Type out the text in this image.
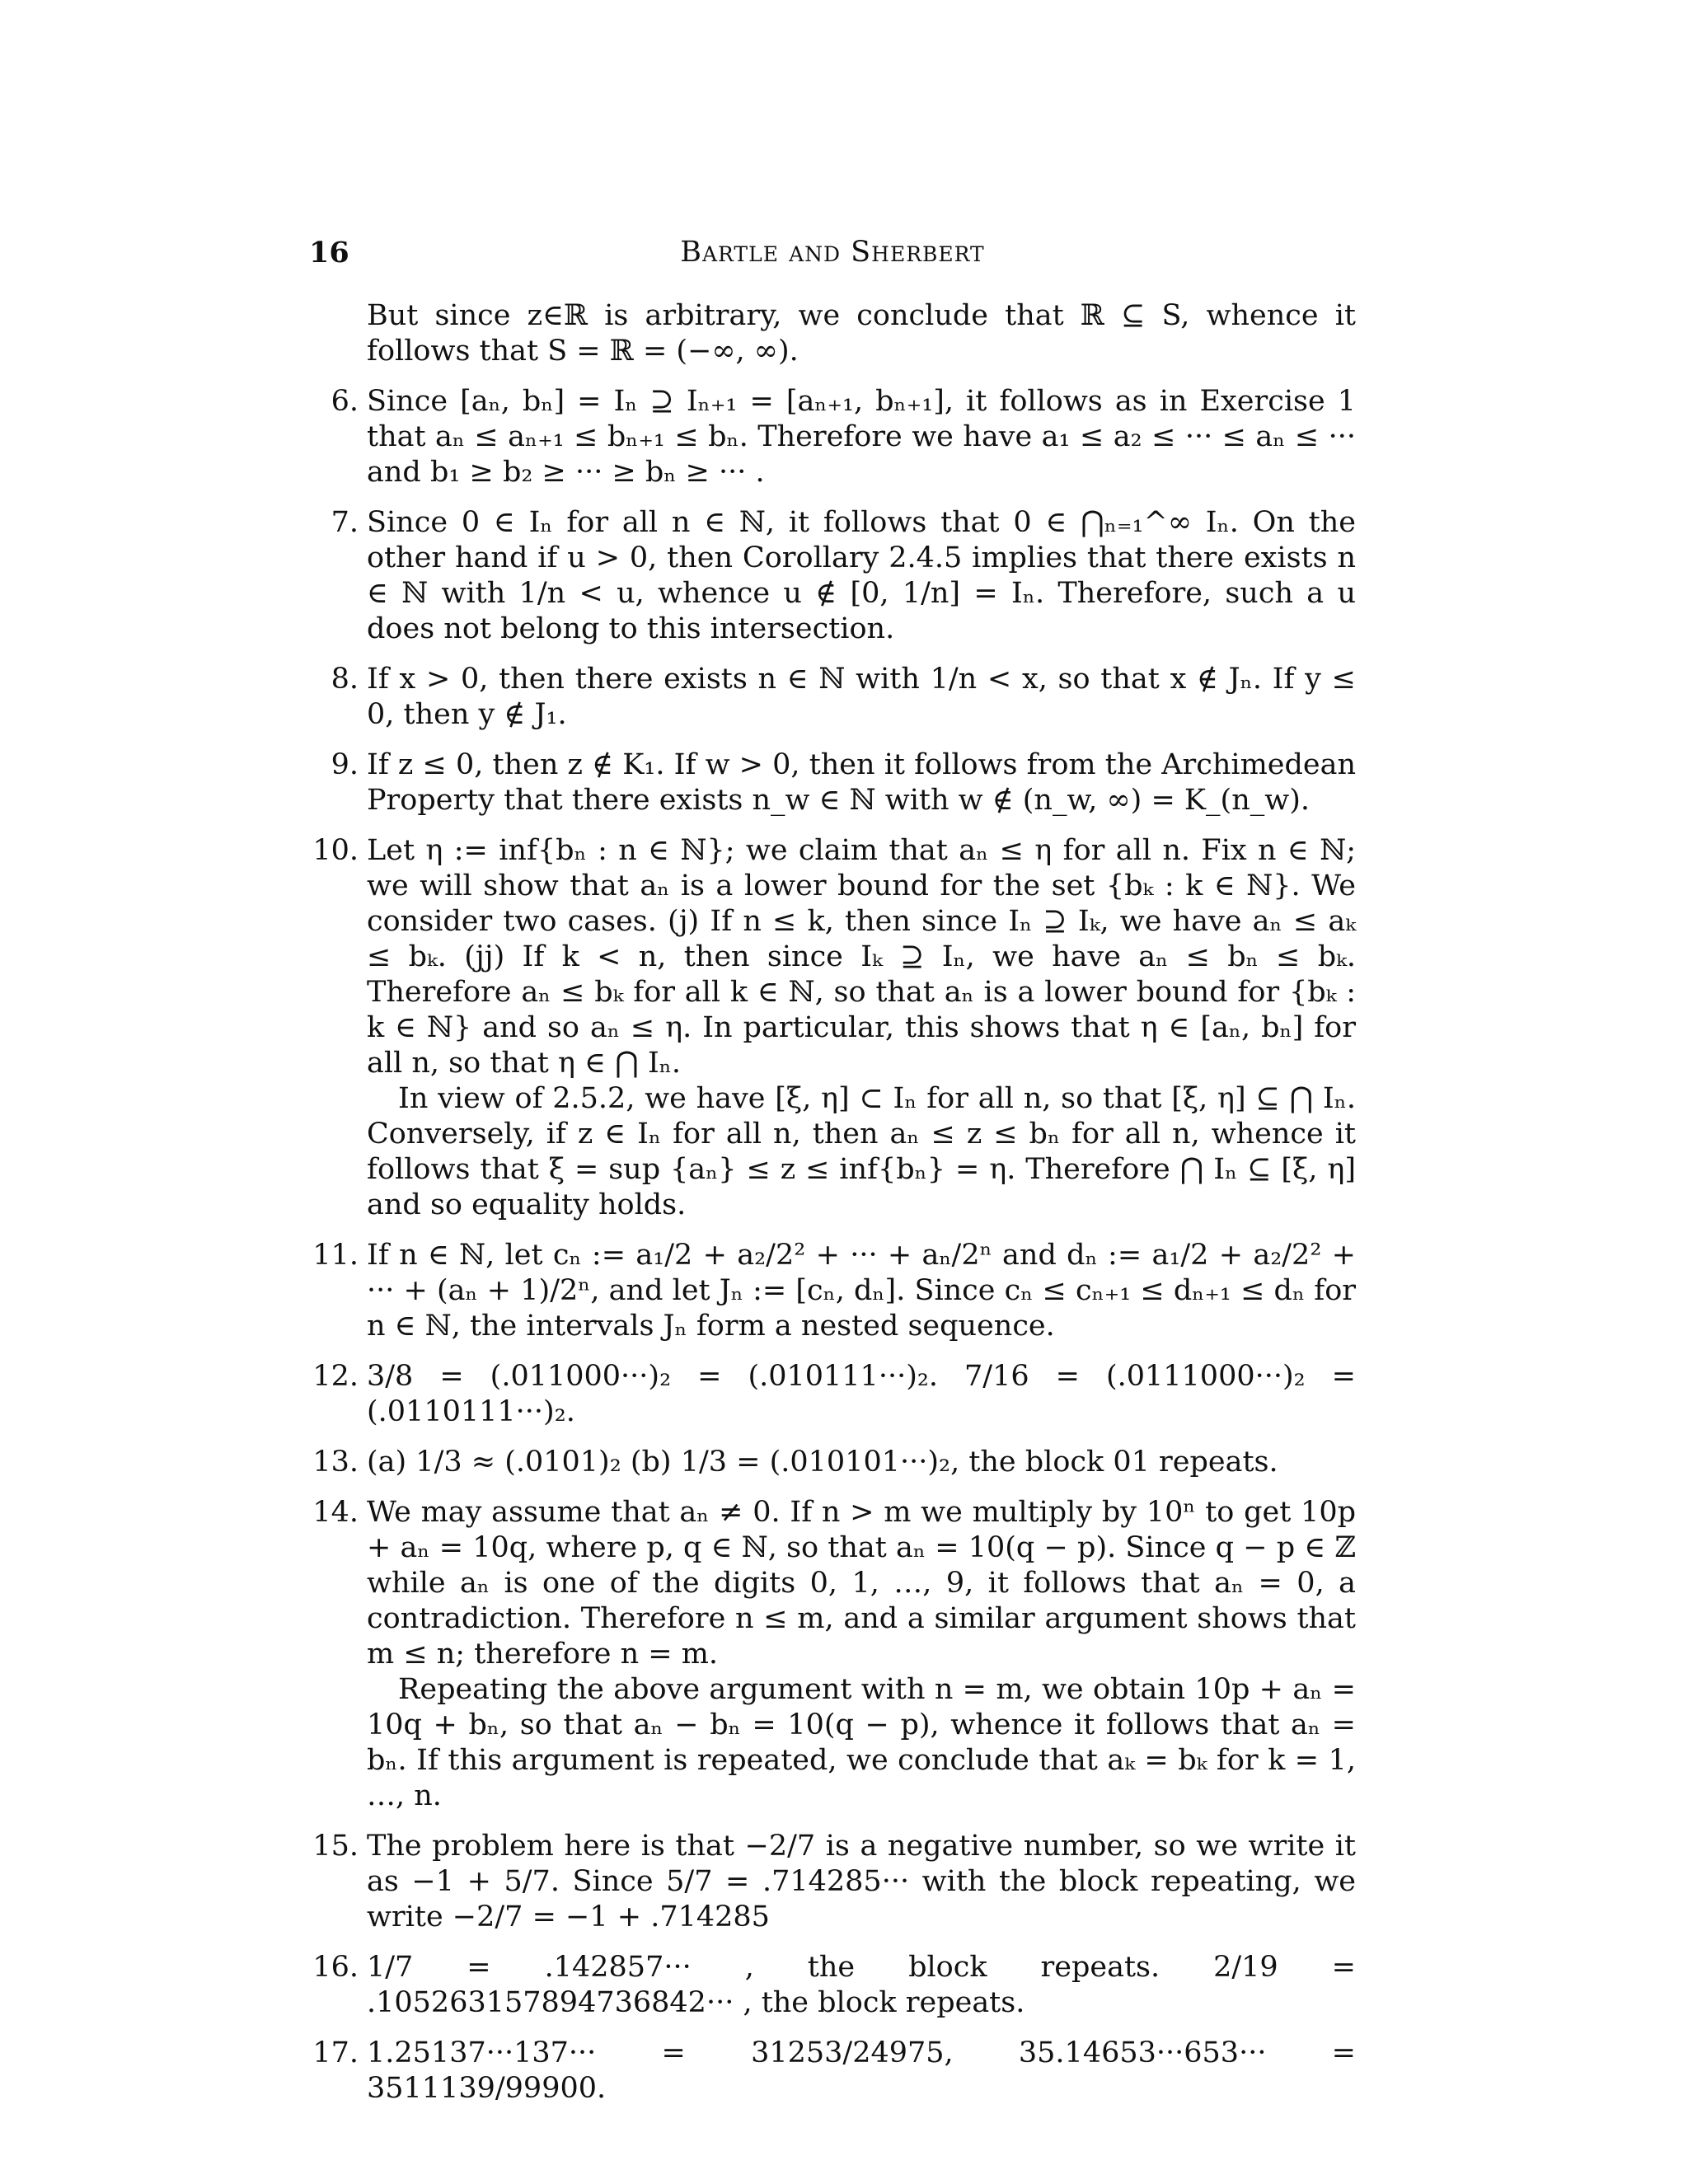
16	Bartle and Sherbert

But since z∈ℝ is arbitrary, we conclude that ℝ ⊆ S, whence it follows that S = ℝ = (−∞, ∞).

6. Since [aₙ, bₙ] = Iₙ ⊇ Iₙ₊₁ = [aₙ₊₁, bₙ₊₁], it follows as in Exercise 1 that aₙ ≤ aₙ₊₁ ≤ bₙ₊₁ ≤ bₙ. Therefore we have a₁ ≤ a₂ ≤ ··· ≤ aₙ ≤ ··· and b₁ ≥ b₂ ≥ ··· ≥ bₙ ≥ ··· .

7. Since 0 ∈ Iₙ for all n ∈ ℕ, it follows that 0 ∈ ⋂ₙ₌₁^∞ Iₙ. On the other hand if u > 0, then Corollary 2.4.5 implies that there exists n ∈ ℕ with 1/n < u, whence u ∉ [0, 1/n] = Iₙ. Therefore, such a u does not belong to this intersection.

8. If x > 0, then there exists n ∈ ℕ with 1/n < x, so that x ∉ Jₙ. If y ≤ 0, then y ∉ J₁.

9. If z ≤ 0, then z ∉ K₁. If w > 0, then it follows from the Archimedean Property that there exists n_w ∈ ℕ with w ∉ (n_w, ∞) = K_(n_w).

10. Let η := inf{bₙ : n ∈ ℕ}; we claim that aₙ ≤ η for all n. Fix n ∈ ℕ; we will show that aₙ is a lower bound for the set {bₖ : k ∈ ℕ}. We consider two cases. (j) If n ≤ k, then since Iₙ ⊇ Iₖ, we have aₙ ≤ aₖ ≤ bₖ. (jj) If k < n, then since Iₖ ⊇ Iₙ, we have aₙ ≤ bₙ ≤ bₖ. Therefore aₙ ≤ bₖ for all k ∈ ℕ, so that aₙ is a lower bound for {bₖ : k ∈ ℕ} and so aₙ ≤ η. In particular, this shows that η ∈ [aₙ, bₙ] for all n, so that η ∈ ⋂ Iₙ.

In view of 2.5.2, we have [ξ, η] ⊂ Iₙ for all n, so that [ξ, η] ⊆ ⋂ Iₙ. Conversely, if z ∈ Iₙ for all n, then aₙ ≤ z ≤ bₙ for all n, whence it follows that ξ = sup {aₙ} ≤ z ≤ inf{bₙ} = η. Therefore ⋂ Iₙ ⊆ [ξ, η] and so equality holds.

11. If n ∈ ℕ, let cₙ := a₁/2 + a₂/2² + ··· + aₙ/2ⁿ and dₙ := a₁/2 + a₂/2² + ··· + (aₙ + 1)/2ⁿ, and let Jₙ := [cₙ, dₙ]. Since cₙ ≤ cₙ₊₁ ≤ dₙ₊₁ ≤ dₙ for n ∈ ℕ, the intervals Jₙ form a nested sequence.

12. 3/8 = (.011000···)₂ = (.010111···)₂. 7/16 = (.0111000···)₂ = (.0110111···)₂.

13. (a) 1/3 ≈ (.0101)₂ (b) 1/3 = (.010101···)₂, the block 01 repeats.

14. We may assume that aₙ ≠ 0. If n > m we multiply by 10ⁿ to get 10p + aₙ = 10q, where p, q ∈ ℕ, so that aₙ = 10(q − p). Since q − p ∈ ℤ while aₙ is one of the digits 0, 1, …, 9, it follows that aₙ = 0, a contradiction. Therefore n ≤ m, and a similar argument shows that m ≤ n; therefore n = m.

Repeating the above argument with n = m, we obtain 10p + aₙ = 10q + bₙ, so that aₙ − bₙ = 10(q − p), whence it follows that aₙ = bₙ. If this argument is repeated, we conclude that aₖ = bₖ for k = 1, …, n.

15. The problem here is that −2/7 is a negative number, so we write it as −1 + 5/7. Since 5/7 = .714285··· with the block repeating, we write −2/7 = −1 + .714285

16. 1/7 = .142857··· , the block repeats. 2/19 = .105263157894736842··· , the block repeats.

17. 1.25137···137··· = 31253/24975, 35.14653···653··· = 3511139/99900.
